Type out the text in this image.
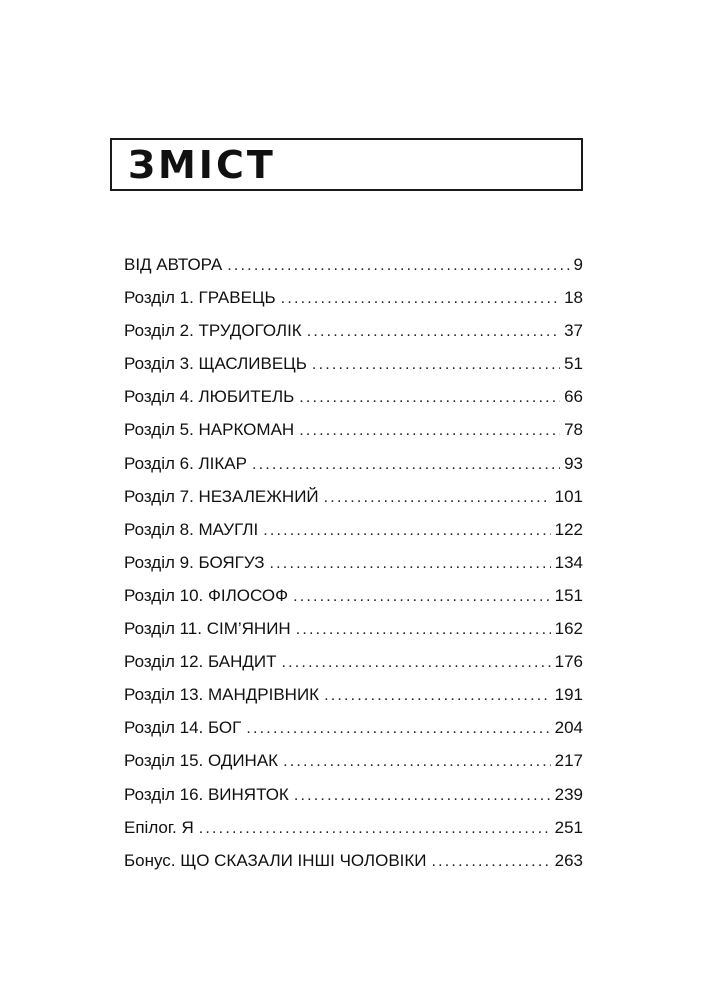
ЗМІСТ
ВІД АВТОРА .....	9
Розділ 1. ГРАВЕЦЬ .....	18
Розділ 2. ТРУДОГОЛІК .....	37
Розділ 3. ЩАСЛИВЕЦЬ .....	51
Розділ 4. ЛЮБИТЕЛЬ .....	66
Розділ 5. НАРКОМАН .....	78
Розділ 6. ЛІКАР .....	93
Розділ 7. НЕЗАЛЕЖНИЙ .....	101
Розділ 8. МАУГЛІ .....	122
Розділ 9. БОЯГУЗ .....	134
Розділ 10. ФІЛОСОФ .....	151
Розділ 11. СІМ’ЯНИН .....	162
Розділ 12. БАНДИТ .....	176
Розділ 13. МАНДРІВНИК .....	191
Розділ 14. БОГ .....	204
Розділ 15. ОДИНАК .....	217
Розділ 16. ВИНЯТОК .....	239
Епілог. Я .....	251
Бонус. ЩО СКАЗАЛИ ІНШІ ЧОЛОВІКИ .....	263
